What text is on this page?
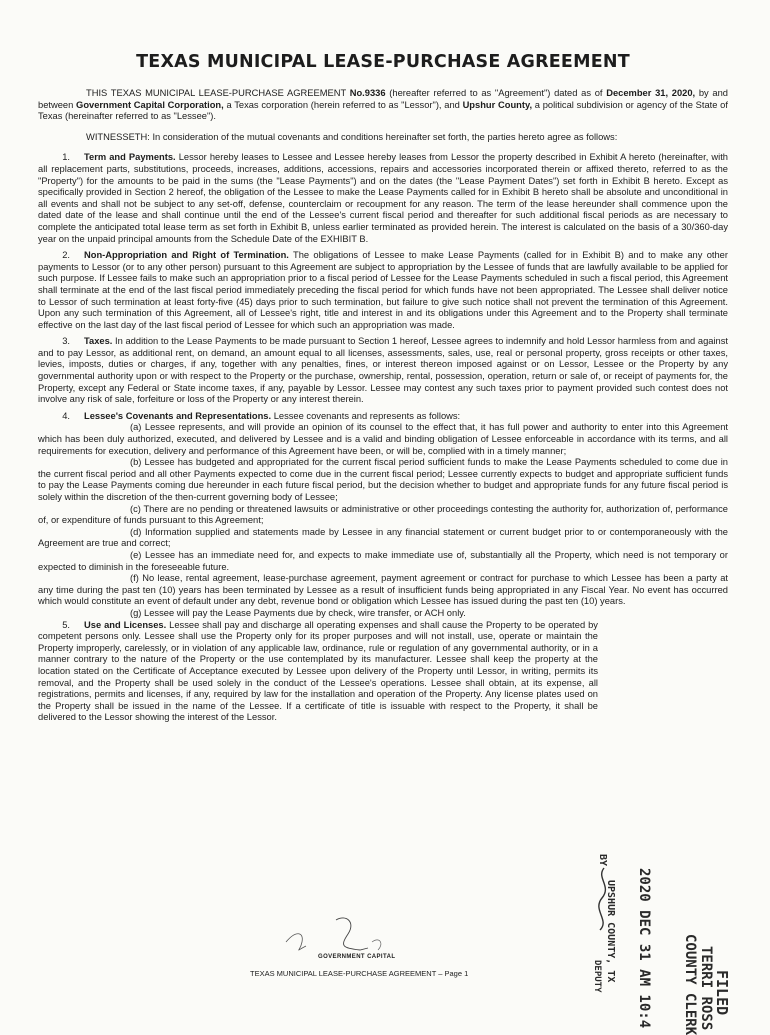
TEXAS MUNICIPAL LEASE-PURCHASE AGREEMENT

THIS TEXAS MUNICIPAL LEASE-PURCHASE AGREEMENT No.9336 (hereafter referred to as "Agreement") dated as of December 31, 2020, by and between Government Capital Corporation, a Texas corporation (herein referred to as "Lessor"), and Upshur County, a political subdivision or agency of the State of Texas (hereinafter referred to as "Lessee").

WITNESSETH: In consideration of the mutual covenants and conditions hereinafter set forth, the parties hereto agree as follows:

1. Term and Payments. Lessor hereby leases to Lessee and Lessee hereby leases from Lessor the property described in Exhibit A hereto (hereinafter, with all replacement parts, substitutions, proceeds, increases, additions, accessions, repairs and accessories incorporated therein or affixed thereto, referred to as the "Property") for the amounts to be paid in the sums (the "Lease Payments") and on the dates (the "Lease Payment Dates") set forth in Exhibit B hereto. Except as specifically provided in Section 2 hereof, the obligation of the Lessee to make the Lease Payments called for in Exhibit B hereto shall be absolute and unconditional in all events and shall not be subject to any set-off, defense, counterclaim or recoupment for any reason. The term of the lease hereunder shall commence upon the dated date of the lease and shall continue until the end of the Lessee's current fiscal period and thereafter for such additional fiscal periods as are necessary to complete the anticipated total lease term as set forth in Exhibit B, unless earlier terminated as provided herein. The interest is calculated on the basis of a 30/360-day year on the unpaid principal amounts from the Schedule Date of the EXHIBIT B.

2. Non-Appropriation and Right of Termination. The obligations of Lessee to make Lease Payments (called for in Exhibit B) and to make any other payments to Lessor (or to any other person) pursuant to this Agreement are subject to appropriation by the Lessee of funds that are lawfully available to be applied for such purpose. If Lessee fails to make such an appropriation prior to a fiscal period of Lessee for the Lease Payments scheduled in such a fiscal period, this Agreement shall terminate at the end of the last fiscal period immediately preceding the fiscal period for which funds have not been appropriated. The Lessee shall deliver notice to Lessor of such termination at least forty-five (45) days prior to such termination, but failure to give such notice shall not prevent the termination of this Agreement. Upon any such termination of this Agreement, all of Lessee's right, title and interest in and its obligations under this Agreement and to the Property shall terminate effective on the last day of the last fiscal period of Lessee for which such an appropriation was made.

3. Taxes. In addition to the Lease Payments to be made pursuant to Section 1 hereof, Lessee agrees to indemnify and hold Lessor harmless from and against and to pay Lessor, as additional rent, on demand, an amount equal to all licenses, assessments, sales, use, real or personal property, gross receipts or other taxes, levies, imposts, duties or charges, if any, together with any penalties, fines, or interest thereon imposed against or on Lessor, Lessee or the Property by any governmental authority upon or with respect to the Property or the purchase, ownership, rental, possession, operation, return or sale of, or receipt of payments for, the Property, except any Federal or State income taxes, if any, payable by Lessor. Lessee may contest any such taxes prior to payment provided such contest does not involve any risk of sale, forfeiture or loss of the Property or any interest therein.

4. Lessee's Covenants and Representations. Lessee covenants and represents as follows:

(a) Lessee represents, and will provide an opinion of its counsel to the effect that, it has full power and authority to enter into this Agreement which has been duly authorized, executed, and delivered by Lessee and is a valid and binding obligation of Lessee enforceable in accordance with its terms, and all requirements for execution, delivery and performance of this Agreement have been, or will be, complied with in a timely manner;

(b) Lessee has budgeted and appropriated for the current fiscal period sufficient funds to make the Lease Payments scheduled to come due in the current fiscal period and all other Payments expected to come due in the current fiscal period; Lessee currently expects to budget and appropriate sufficient funds to pay the Lease Payments coming due hereunder in each future fiscal period, but the decision whether to budget and appropriate funds for any future fiscal period is solely within the discretion of the then-current governing body of Lessee;

(c) There are no pending or threatened lawsuits or administrative or other proceedings contesting the authority for, authorization of, performance of, or expenditure of funds pursuant to this Agreement;

(d) Information supplied and statements made by Lessee in any financial statement or current budget prior to or contemporaneously with the Agreement are true and correct;

(e) Lessee has an immediate need for, and expects to make immediate use of, substantially all the Property, which need is not temporary or expected to diminish in the foreseeable future.

(f) No lease, rental agreement, lease-purchase agreement, payment agreement or contract for purchase to which Lessee has been a party at any time during the past ten (10) years has been terminated by Lessee as a result of insufficient funds being appropriated in any Fiscal Year. No event has occurred which would constitute an event of default under any debt, revenue bond or obligation which Lessee has issued during the past ten (10) years.

(g) Lessee will pay the Lease Payments due by check, wire transfer, or ACH only.

5. Use and Licenses. Lessee shall pay and discharge all operating expenses and shall cause the Property to be operated by competent persons only. Lessee shall use the Property only for its proper purposes and will not install, use, operate or maintain the Property improperly, carelessly, or in violation of any applicable law, ordinance, rule or regulation of any governmental authority, or in a manner contrary to the nature of the Property or the use contemplated by its manufacturer. Lessee shall keep the property at the location stated on the Certificate of Acceptance executed by Lessee upon delivery of the Property until Lessor, in writing, permits its removal, and the Property shall be used solely in the conduct of the Lessee's operations. Lessee shall obtain, at its expense, all registrations, permits and licenses, if any, required by law for the installation and operation of the Property. Any license plates used on the Property shall be issued in the name of the Lessee. If a certificate of title is issuable with respect to the Property, it shall be delivered to the Lessor showing the interest of the Lessor.

GOVERNMENT CAPITAL
TEXAS MUNICIPAL LEASE-PURCHASE AGREEMENT – Page 1	FILED
TERRI ROSS
COUNTY CLERK
2020 DEC 31 AM 10:4
UPSHUR COUNTY, TX
BY
DEPUTY
